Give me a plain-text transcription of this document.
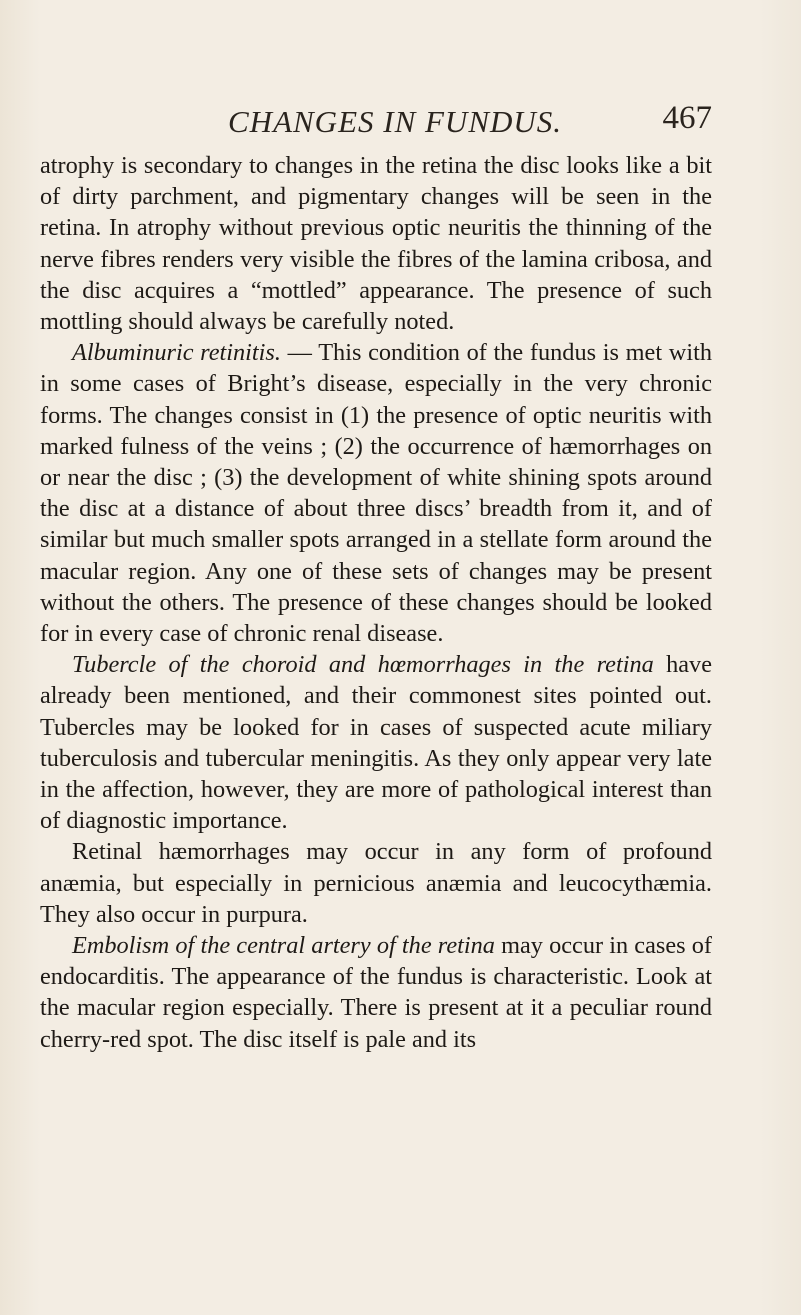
CHANGES IN FUNDUS.	467

atrophy is secondary to changes in the retina the disc looks like a bit of dirty parchment, and pigmentary changes will be seen in the retina. In atrophy without previous optic neuritis the thinning of the nerve fibres renders very visible the fibres of the lamina cribosa, and the disc acquires a “mottled” appearance. The presence of such mottling should always be carefully noted.

Albuminuric retinitis. — This condition of the fundus is met with in some cases of Bright’s disease, especially in the very chronic forms. The changes consist in (1) the presence of optic neuritis with marked fulness of the veins ; (2) the occurrence of hæmorrhages on or near the disc ; (3) the development of white shining spots around the disc at a distance of about three discs’ breadth from it, and of similar but much smaller spots arranged in a stellate form around the macular region. Any one of these sets of changes may be present without the others. The presence of these changes should be looked for in every case of chronic renal disease.

Tubercle of the choroid and hœmorrhages in the retina have already been mentioned, and their commonest sites pointed out. Tubercles may be looked for in cases of suspected acute miliary tuberculosis and tubercular meningitis. As they only appear very late in the affection, however, they are more of pathological interest than of diagnostic importance.

Retinal hæmorrhages may occur in any form of profound anæmia, but especially in pernicious anæmia and leucocythæmia. They also occur in purpura.

Embolism of the central artery of the retina may occur in cases of endocarditis. The appearance of the fundus is characteristic. Look at the macular region especially. There is present at it a peculiar round cherry-red spot. The disc itself is pale and its
